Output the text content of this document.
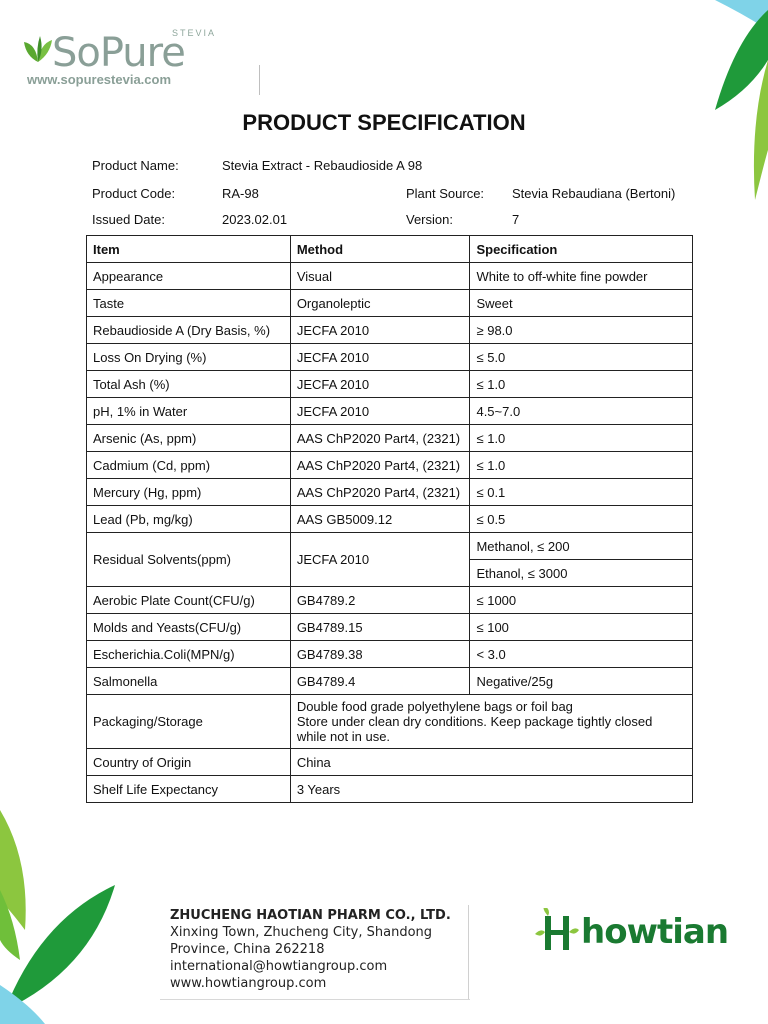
SoPure
STEVIA
www.sopurestevia.com
PRODUCT SPECIFICATION
Product Name:	Stevia Extract - Rebaudioside A 98
Product Code:	RA-98	Plant Source: Stevia Rebaudiana (Bertoni)
Issued Date:	2023.02.01	Version:	7
Item	Method	Specification
Appearance	Visual	White to off-white fine powder
Taste	Organoleptic	Sweet
Rebaudioside A (Dry Basis, %)	JECFA 2010	≥ 98.0
Loss On Drying (%)	JECFA 2010	≤ 5.0
Total Ash (%)	JECFA 2010	≤ 1.0
pH, 1% in Water	JECFA 2010	4.5~7.0
Arsenic (As, ppm)	AAS ChP2020 Part4, (2321)	≤ 1.0
Cadmium (Cd, ppm)	AAS ChP2020 Part4, (2321)	≤ 1.0
Mercury (Hg, ppm)	AAS ChP2020 Part4, (2321)	≤ 0.1
Lead (Pb, mg/kg)	AAS GB5009.12	≤ 0.5
Residual Solvents(ppm)	JECFA 2010	Methanol, ≤ 200
		Ethanol, ≤ 3000
Aerobic Plate Count(CFU/g)	GB4789.2	≤ 1000
Molds and Yeasts(CFU/g)	GB4789.15	≤ 100
Escherichia.Coli(MPN/g)	GB4789.38	< 3.0
Salmonella	GB4789.4	Negative/25g
Packaging/Storage	Double food grade polyethylene bags or foil bag
Store under clean dry conditions. Keep package tightly closed
while not in use.	

Country of Origin	China	
Shelf Life Expectancy	3 Years	
ZHUCHENG HAOTIAN PHARM CO., LTD.
Xinxing Town, Zhucheng City, Shandong
Province, China 262218
international@howtiangroup.com
www.howtiangroup.com
howtian
